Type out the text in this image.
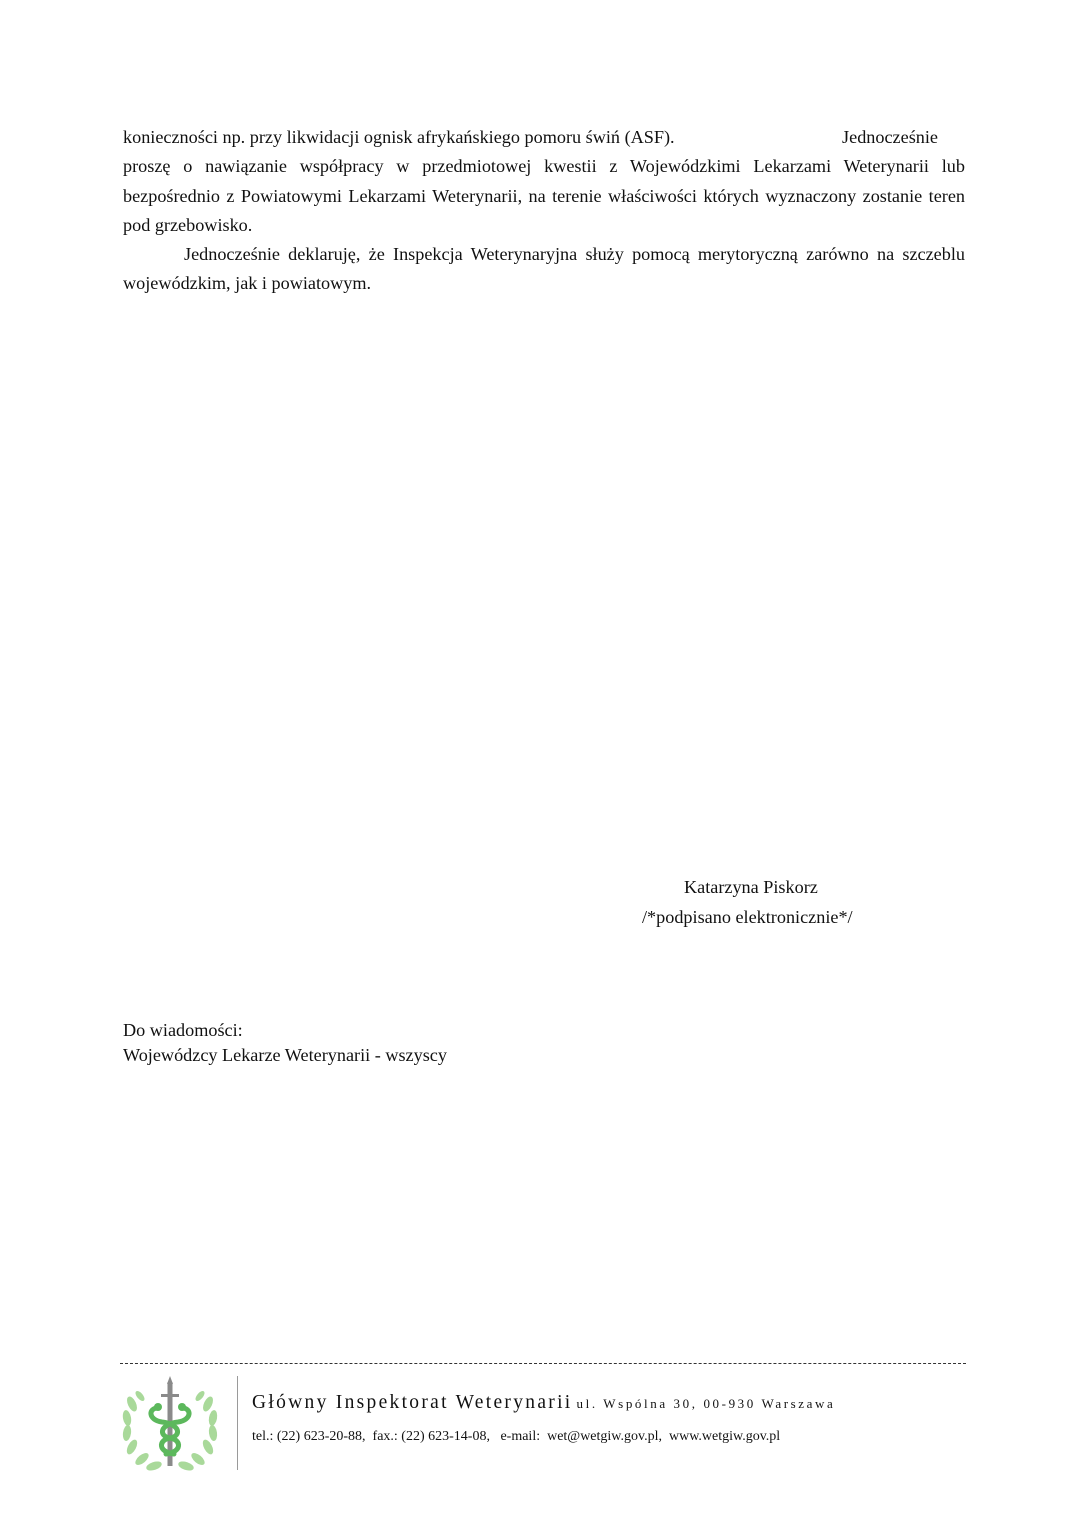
konieczności np. przy likwidacji ognisk afrykańskiego pomoru świń (ASF).	Jednocześnie

proszę o nawiązanie współpracy w przedmiotowej kwestii z Wojewódzkimi Lekarzami Weterynarii lub bezpośrednio z Powiatowymi Lekarzami Weterynarii, na terenie właściwości których wyznaczony zostanie teren pod grzebowisko.

Jednocześnie deklaruję, że Inspekcja Weterynaryjna służy pomocą merytoryczną zarówno na szczeblu wojewódzkim, jak i powiatowym.

Katarzyna Piskorz
/*podpisano elektronicznie*/
Do wiadomości:
Wojewódzcy Lekarze Weterynarii - wszyscy
Główny Inspektorat Weterynarii ul. Wspólna 30, 00-930 Warszawa
tel.: (22) 623-20-88,  fax.: (22) 623-14-08,   e-mail:  wet@wetgiw.gov.pl,  www.wetgiw.gov.pl
